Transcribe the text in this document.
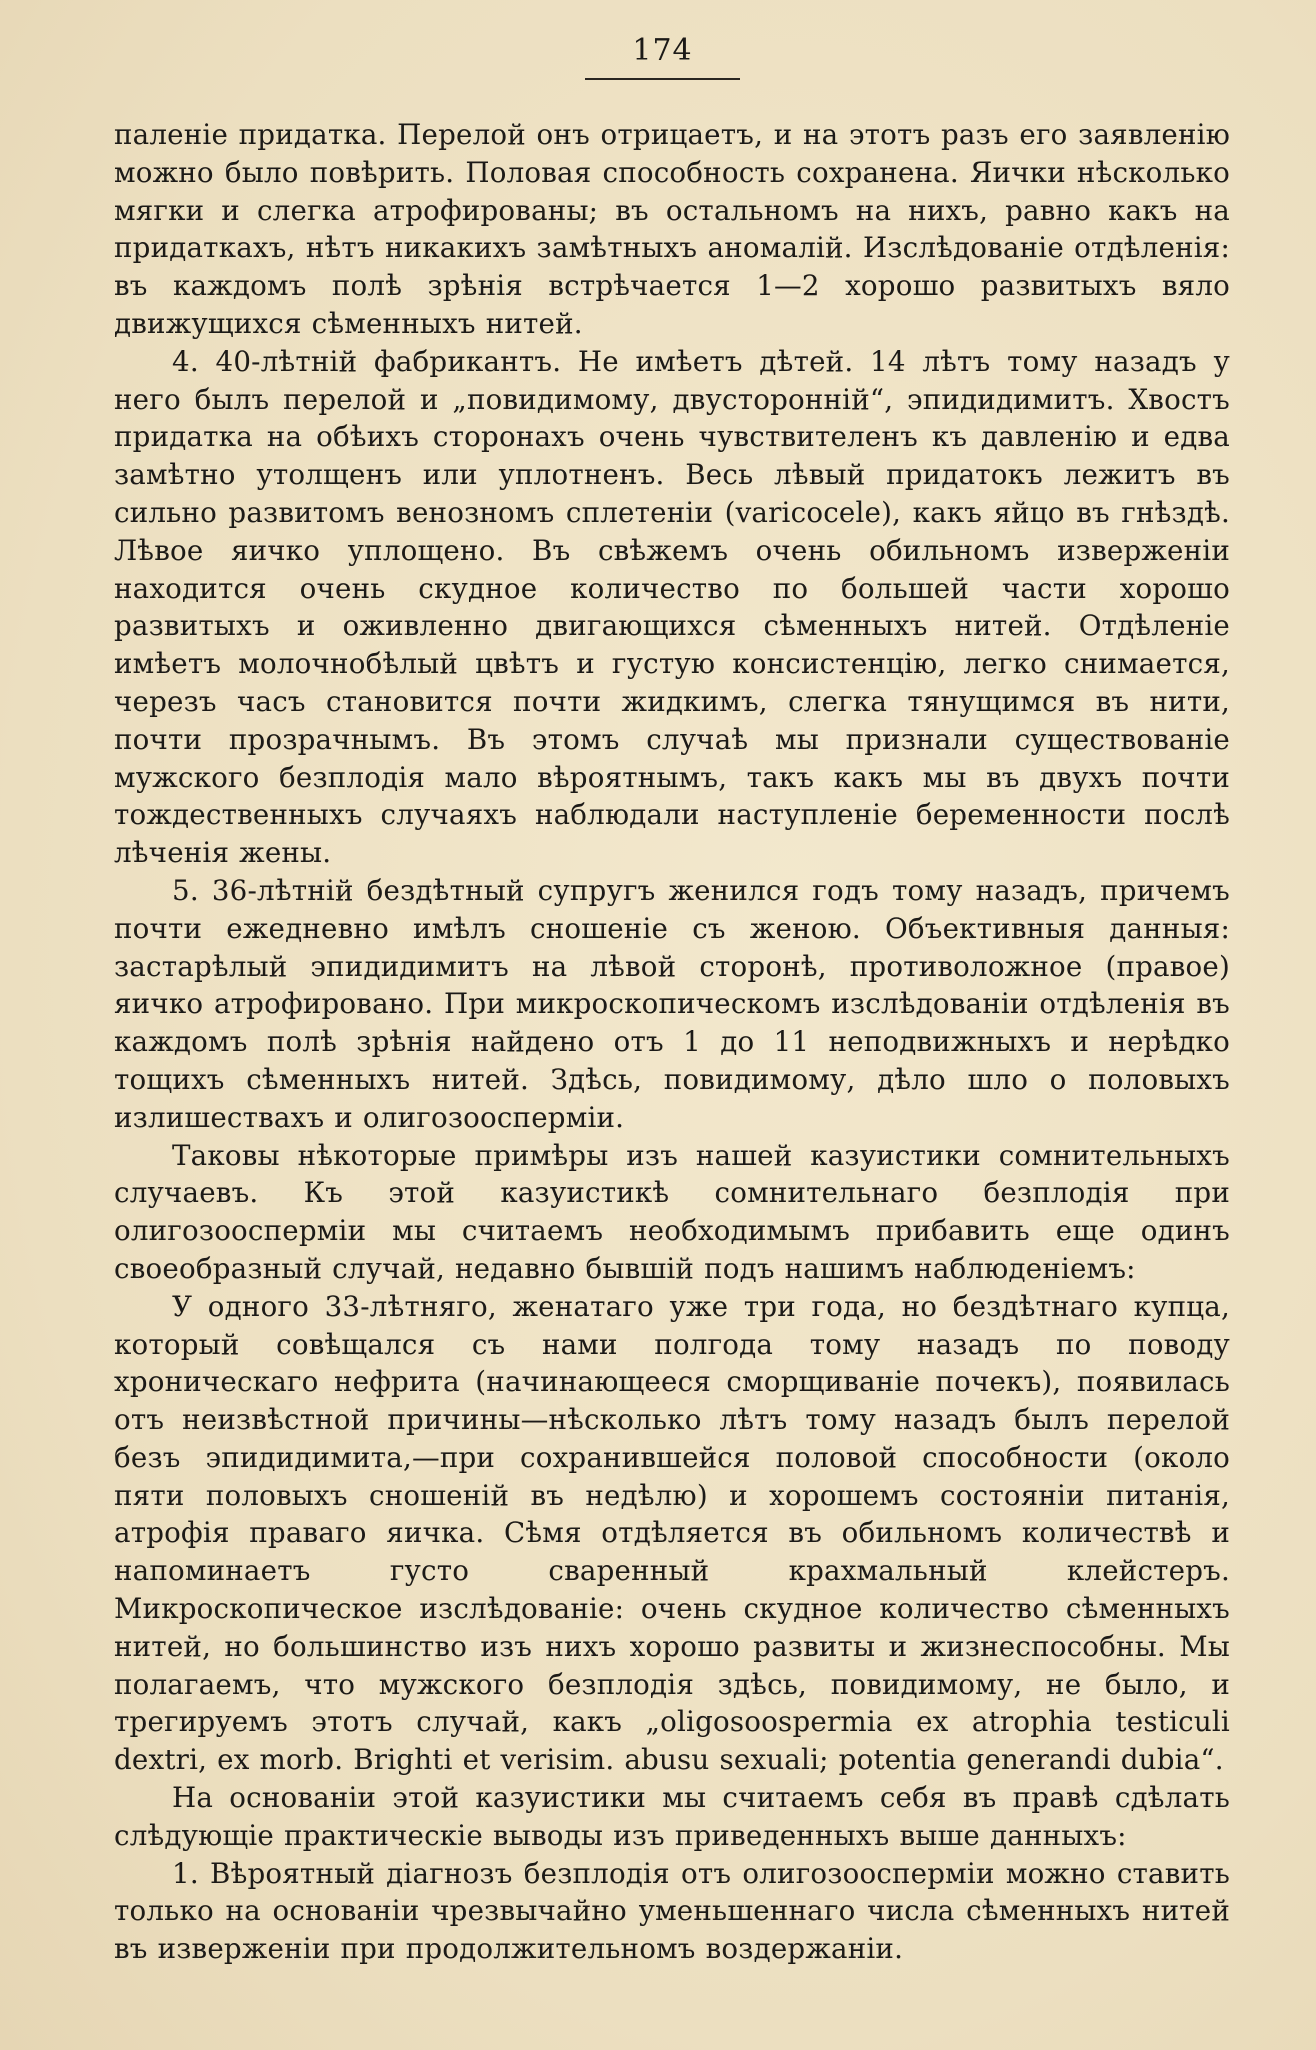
174

паленіе придатка. Перелой онъ отрицаетъ, и на этотъ разъ его заявленію можно было повѣрить. Половая способность сохранена. Яички нѣсколько мягки и слегка атрофированы; въ остальномъ на нихъ, равно какъ на придаткахъ, нѣтъ никакихъ замѣтныхъ аномалій. Изслѣдованіе отдѣленія: въ каждомъ полѣ зрѣнія встрѣчается 1—2 хорошо развитыхъ вяло движущихся сѣменныхъ нитей.

4. 40-лѣтній фабрикантъ. Не имѣетъ дѣтей. 14 лѣтъ тому назадъ у него былъ перелой и „повидимому, двусторонній“, эпидидимитъ. Хвостъ придатка на обѣихъ сторонахъ очень чувствителенъ къ давленію и едва замѣтно утолщенъ или уплотненъ. Весь лѣвый придатокъ лежитъ въ сильно развитомъ венозномъ сплетеніи (varicocele), какъ яйцо въ гнѣздѣ. Лѣвое яичко уплощено. Въ свѣжемъ очень обильномъ изверженіи находится очень скудное количество по большей части хорошо развитыхъ и оживленно двигающихся сѣменныхъ нитей. Отдѣленіе имѣетъ молочнобѣлый цвѣтъ и густую консистенцію, легко снимается, черезъ часъ становится почти жидкимъ, слегка тянущимся въ нити, почти прозрачнымъ. Въ этомъ случаѣ мы признали существованіе мужского безплодія мало вѣроятнымъ, такъ какъ мы въ двухъ почти тождественныхъ случаяхъ наблюдали наступленіе беременности послѣ лѣченія жены.

5. 36-лѣтній бездѣтный супругъ женился годъ тому назадъ, причемъ почти ежедневно имѣлъ сношеніе съ женою. Объективныя данныя: застарѣлый эпидидимитъ на лѣвой сторонѣ, противоложное (правое) яичко атрофировано. При микроскопическомъ изслѣдованіи отдѣленія въ каждомъ полѣ зрѣнія найдено отъ 1 до 11 неподвижныхъ и нерѣдко тощихъ сѣменныхъ нитей. Здѣсь, повидимому, дѣло шло о половыхъ излишествахъ и олигозооспермiи.

Таковы нѣкоторые примѣры изъ нашей казуистики сомнительныхъ случаевъ. Къ этой казуистикѣ сомнительнаго безплодія при олигозооспермiи мы считаемъ необходимымъ прибавить еще одинъ своеобразный случай, недавно бывшій подъ нашимъ наблюденіемъ:

У одного 33-лѣтняго, женатаго уже три года, но бездѣтнаго купца, который совѣщался съ нами полгода тому назадъ по поводу хроническаго нефрита (начинающееся сморщиванiе почекъ), появилась отъ неизвѣстной причины—нѣсколько лѣтъ тому назадъ былъ перелой безъ эпидидимита,—при сохранившейся половой способности (около пяти половыхъ сношеній въ недѣлю) и хорошемъ состояніи питанія, атрофія праваго яичка. Сѣмя отдѣляется въ обильномъ количествѣ и напоминаетъ густо сваренный крахмальный клейстеръ. Микроскопическое изслѣдованіе: очень скудное количество сѣменныхъ нитей, но большинство изъ нихъ хорошо развиты и жизнеспособны. Мы полагаемъ, что мужского безплодія здѣсь, повидимому, не было, и трегируемъ этотъ случай, какъ „oligosoospermia ex atrophia testiculi dextri, ex morb. Brighti et verisim. abusu sexuali; potentia generandi dubia“.

На основаніи этой казуистики мы считаемъ себя въ правѣ сдѣлать слѣдующіе практическіе выводы изъ приведенныхъ выше данныхъ:

1. Вѣроятный діагнозъ безплодія отъ олигозооспермiи можно ставить только на основаніи чрезвычайно уменьшеннаго числа сѣменныхъ нитей въ изверженіи при продолжительномъ воздержаніи.
